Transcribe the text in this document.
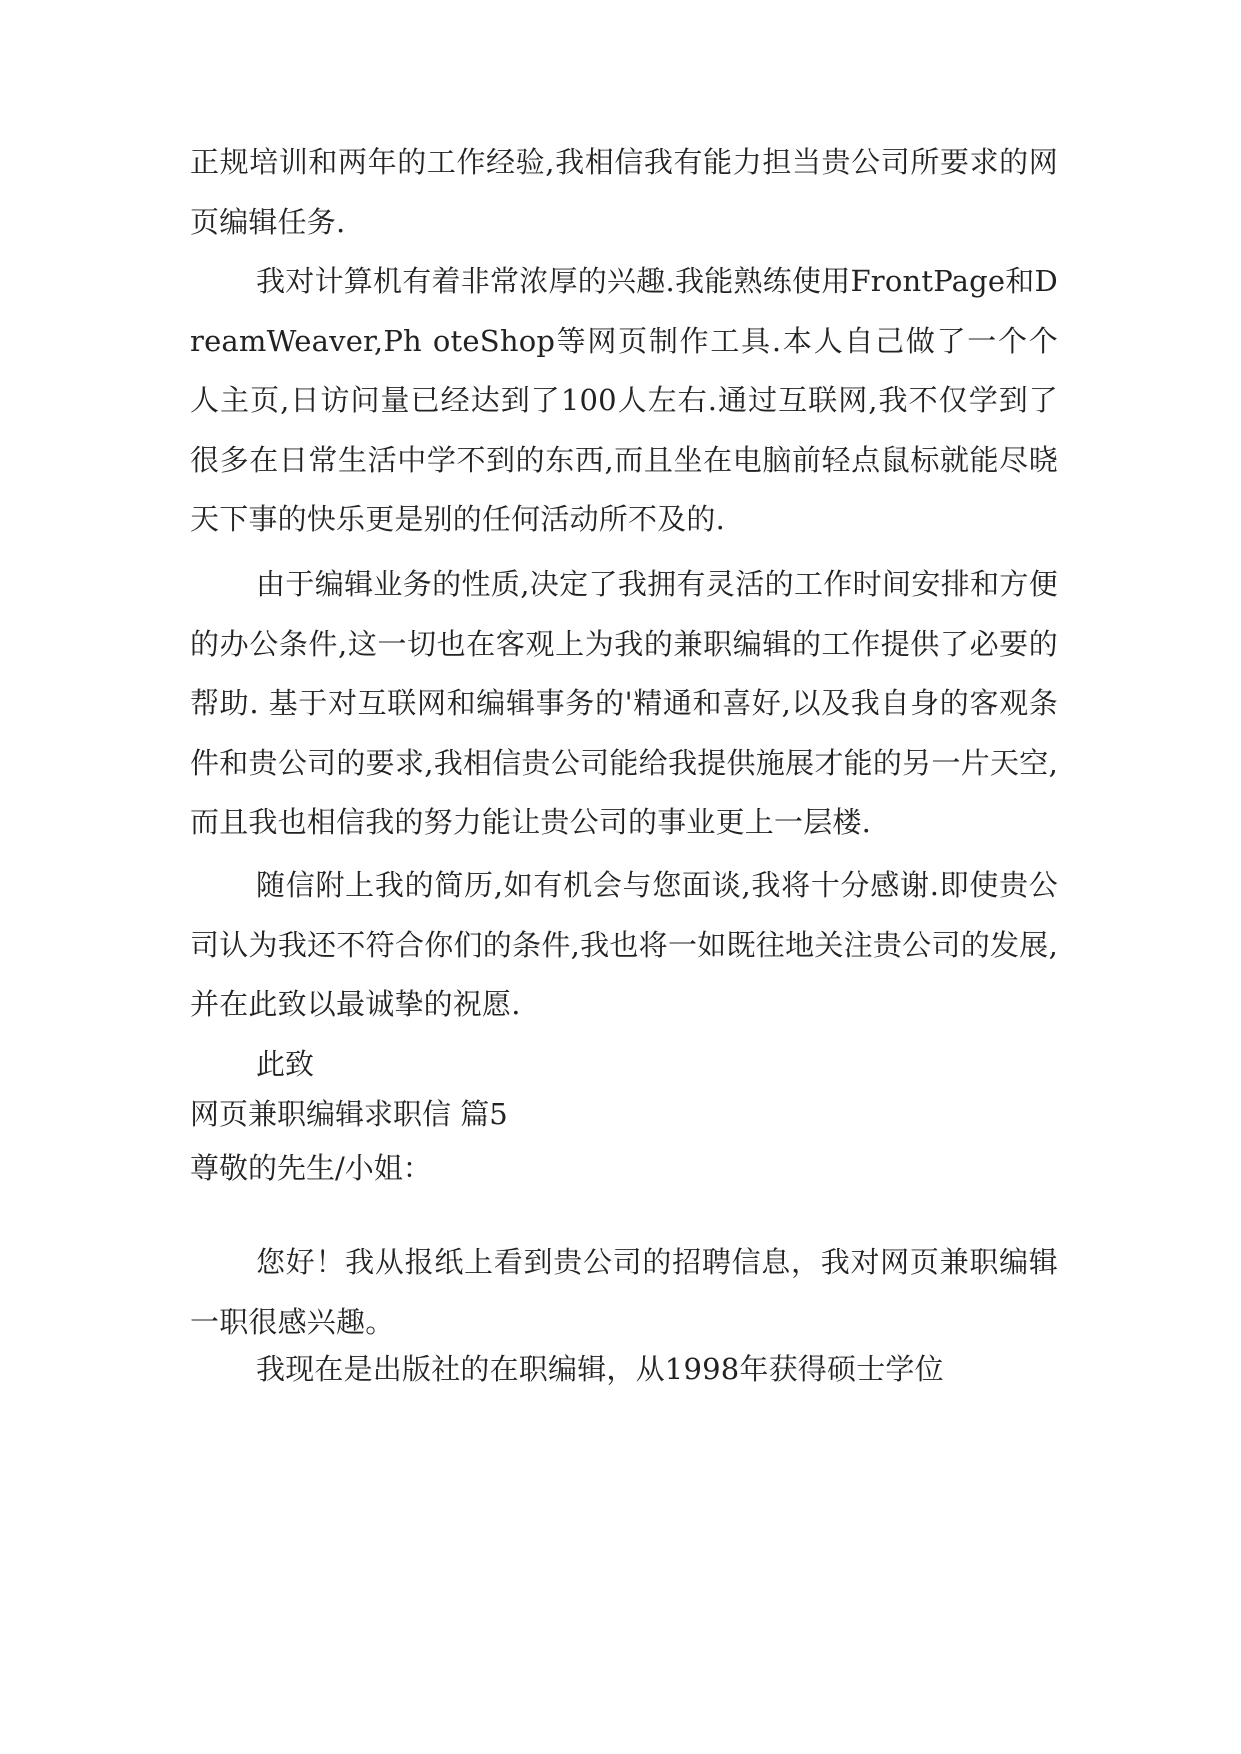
正规培训和两年的工作经验,我相信我有能力担当贵公司所要求的网页编辑任务.
我对计算机有着非常浓厚的兴趣.我能熟练使用FrontPage和DreamWeaver,Ph oteShop等网页制作工具.本人自己做了一个个人主页,日访问量已经达到了100人左右.通过互联网,我不仅学到了很多在日常生活中学不到的东西,而且坐在电脑前轻点鼠标就能尽晓天下事的快乐更是别的任何活动所不及的.
由于编辑业务的性质,决定了我拥有灵活的工作时间安排和方便的办公条件,这一切也在客观上为我的兼职编辑的工作提供了必要的帮助. 基于对互联网和编辑事务的'精通和喜好,以及我自身的客观条件和贵公司的要求,我相信贵公司能给我提供施展才能的另一片天空,而且我也相信我的努力能让贵公司的事业更上一层楼.
随信附上我的简历,如有机会与您面谈,我将十分感谢.即使贵公司认为我还不符合你们的条件,我也将一如既往地关注贵公司的发展,并在此致以最诚挚的祝愿.
此致
网页兼职编辑求职信 篇5
尊敬的先生/小姐：
您好！我从报纸上看到贵公司的招聘信息，我对网页兼职编辑一职很感兴趣。
我现在是出版社的在职编辑，从1998年获得硕士学位
